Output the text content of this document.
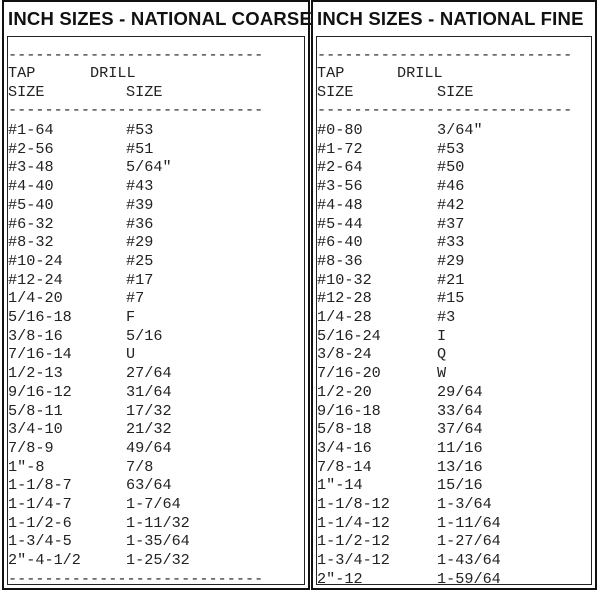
INCH SIZES - NATIONAL COARSE
----------------------------
TAP	DRILL
SIZE	SIZE
----------------------------
#1-64	#53
#2-56	#51
#3-48	5/64"
#4-40	#43
#5-40	#39
#6-32	#36
#8-32	#29
#10-24	#25
#12-24	#17
1/4-20	#7
5/16-18	F
3/8-16	5/16
7/16-14	U
1/2-13	27/64
9/16-12	31/64
5/8-11	17/32
3/4-10	21/32
7/8-9	49/64
1"-8	7/8
1-1/8-7	63/64
1-1/4-7	1-7/64
1-1/2-6	1-11/32
1-3/4-5	1-35/64
2"-4-1/2	1-25/32
----------------------------
INCH SIZES - NATIONAL FINE
----------------------------
TAP	DRILL
SIZE	SIZE
----------------------------
#0-80	3/64"
#1-72	#53
#2-64	#50
#3-56	#46
#4-48	#42
#5-44	#37
#6-40	#33
#8-36	#29
#10-32	#21
#12-28	#15
1/4-28	#3
5/16-24	I
3/8-24	Q
7/16-20	W
1/2-20	29/64
9/16-18	33/64
5/8-18	37/64
3/4-16	11/16
7/8-14	13/16
1"-14	15/16
1-1/8-12	1-3/64
1-1/4-12	1-11/64
1-1/2-12	1-27/64
1-3/4-12	1-43/64
2"-12	1-59/64
